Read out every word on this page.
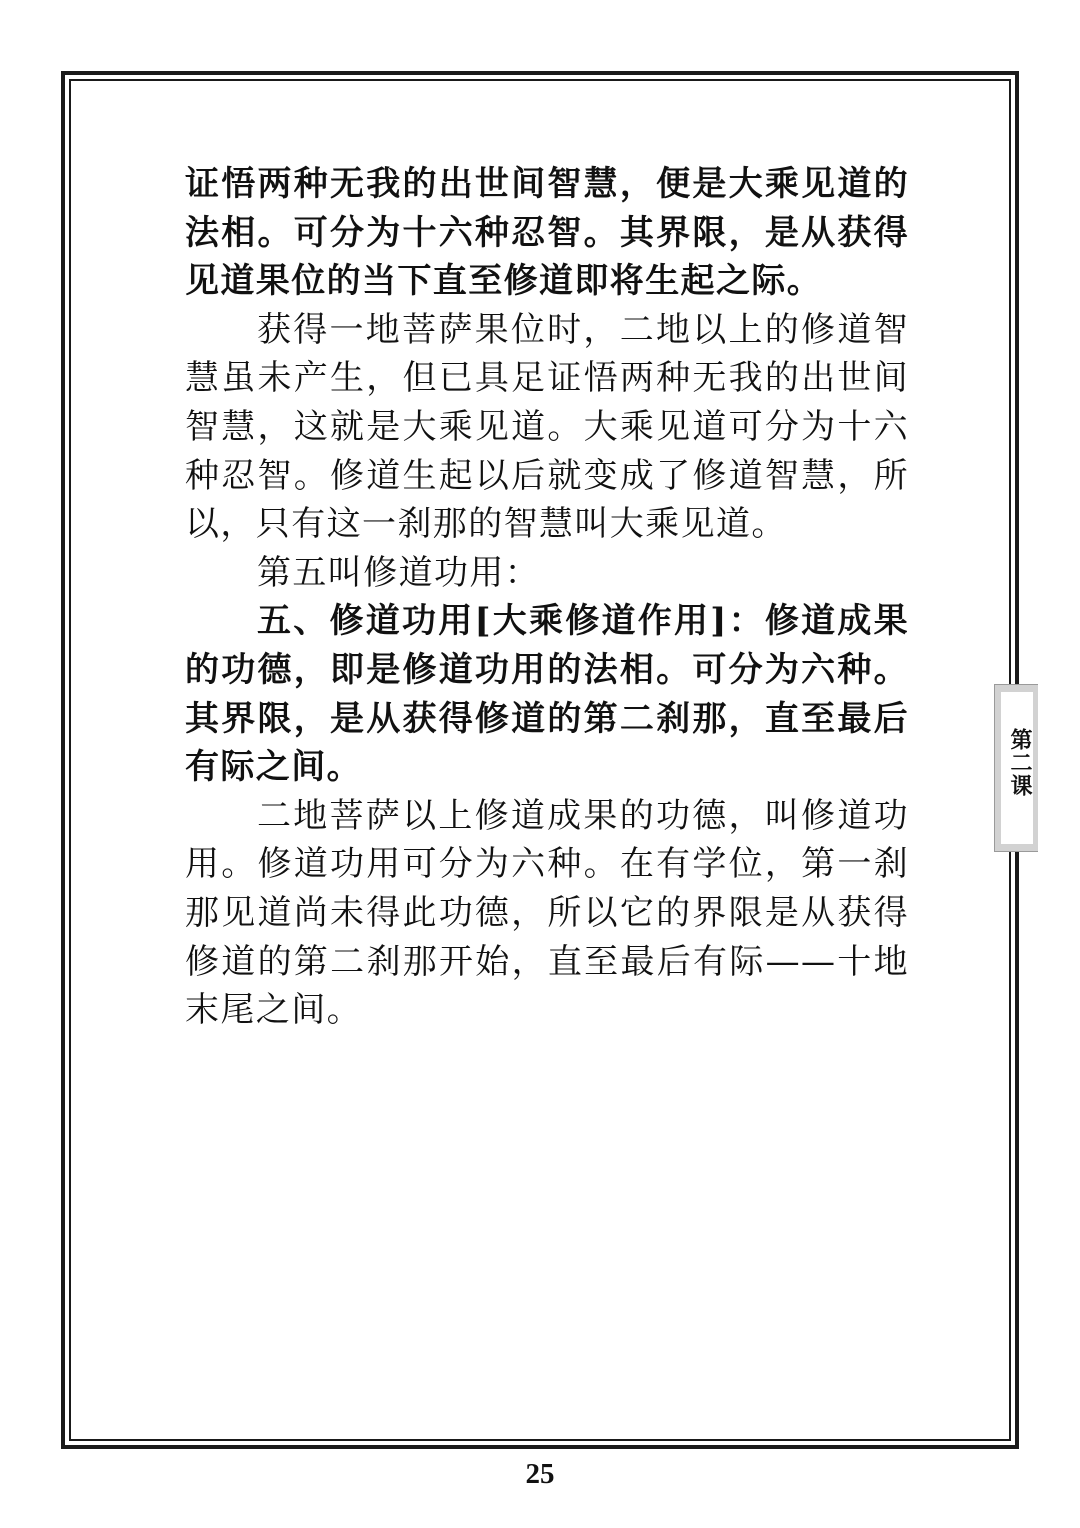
证悟两种无我的出世间智慧，便是大乘见道的法相。可分为十六种忍智。其界限，是从获得见道果位的当下直至修道即将生起之际。

获得一地菩萨果位时，二地以上的修道智慧虽未产生，但已具足证悟两种无我的出世间智慧，这就是大乘见道。大乘见道可分为十六种忍智。修道生起以后就变成了修道智慧，所以，只有这一刹那的智慧叫大乘见道。

第五叫修道功用：

五、修道功用[大乘修道作用]：修道成果的功德，即是修道功用的法相。可分为六种。其界限，是从获得修道的第二刹那，直至最后有际之间。

二地菩萨以上修道成果的功德，叫修道功用。修道功用可分为六种。在有学位，第一刹那见道尚未得此功德，所以它的界限是从获得修道的第二刹那开始，直至最后有际——十地末尾之间。

第二课
25
